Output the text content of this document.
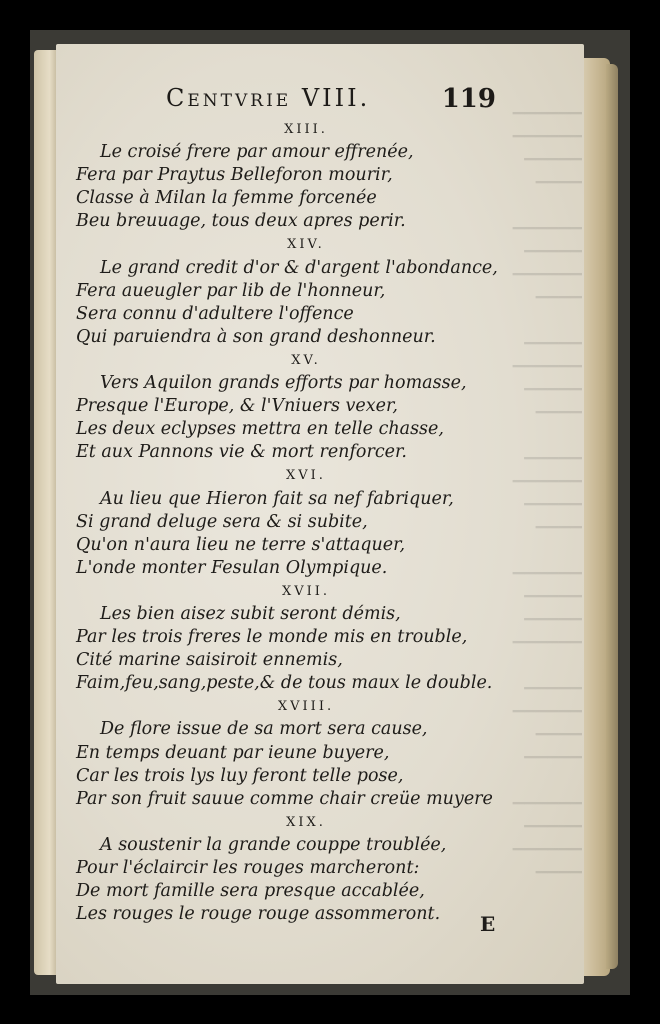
▔▔▔▔▔▔
▔▔▔▔▔▔
▔▔▔▔▔
▔▔▔▔

▔▔▔▔▔▔
▔▔▔▔▔
▔▔▔▔▔▔
▔▔▔▔

▔▔▔▔▔
▔▔▔▔▔▔
▔▔▔▔▔
▔▔▔▔

▔▔▔▔▔
▔▔▔▔▔▔
▔▔▔▔▔
▔▔▔▔

▔▔▔▔▔▔
▔▔▔▔▔
▔▔▔▔▔
▔▔▔▔▔▔

▔▔▔▔▔
▔▔▔▔▔▔
▔▔▔▔
▔▔▔▔▔

▔▔▔▔▔▔
▔▔▔▔▔
▔▔▔▔▔▔
▔▔▔▔
Centvrie VIII.	119
XIII.
Le croisé frere par amour effrenée,
Fera par Praytus Belleforon mourir,
Classe à Milan la femme forcenée
Beu breuuage, tous deux apres perir.
XIV.
Le grand credit d'or & d'argent l'abondance,
Fera aueugler par lib de l'honneur,
Sera connu d'adultere l'offence
Qui paruiendra à son grand deshonneur.
XV.
Vers Aquilon grands efforts par homasse,
Presque l'Europe, & l'Vniuers vexer,
Les deux eclypses mettra en telle chasse,
Et aux Pannons vie & mort renforcer.
XVI.
Au lieu que Hieron fait sa nef fabriquer,
Si grand deluge sera & si subite,
Qu'on n'aura lieu ne terre s'attaquer,
L'onde monter Fesulan Olympique.
XVII.
Les bien aisez subit seront démis,
Par les trois freres le monde mis en trouble,
Cité marine saisiroit ennemis,
Faim,feu,sang,peste,& de tous maux le double.
XVIII.
De flore issue de sa mort sera cause,
En temps deuant par ieune buyere,
Car les trois lys luy feront telle pose,
Par son fruit sauue comme chair creüe muyere
XIX.
A soustenir la grande couppe troublée,
Pour l'éclaircir les rouges marcheront:
De mort famille sera presque accablée,
Les rouges le rouge rouge assommeront.	E
